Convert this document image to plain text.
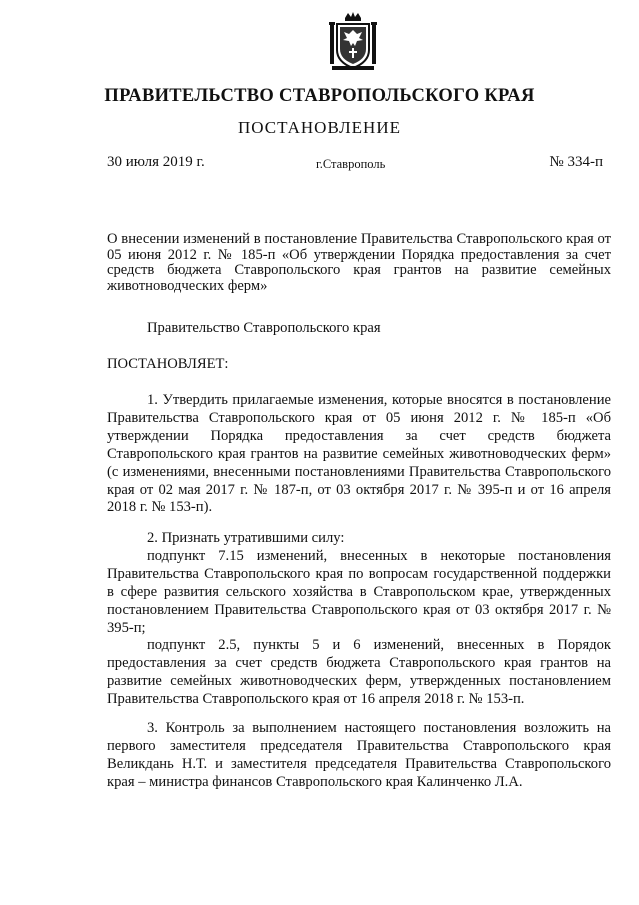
ПРАВИТЕЛЬСТВО СТАВРОПОЛЬСКОГО КРАЯ
ПОСТАНОВЛЕНИЕ
30 июля 2019 г.	г.Ставрополь	№ 334-п
О внесении изменений в постановление Правительства Ставропольского края от 05 июня 2012 г. № 185-п «Об утверждении Порядка предоставления за счет средств бюджета Ставропольского края грантов на развитие семейных животноводческих ферм»
Правительство Ставропольского края
ПОСТАНОВЛЯЕТ:

1. Утвердить прилагаемые изменения, которые вносятся в постановление Правительства Ставропольского края от 05 июня 2012 г. № 185-п «Об утверждении Порядка предоставления за счет средств бюджета Ставропольского края грантов на развитие семейных животноводческих ферм» (с изменениями, внесенными постановлениями Правительства Ставропольского края от 02 мая 2017 г. № 187-п, от 03 октября 2017 г. № 395-п и от 16 апреля 2018 г. № 153-п).

2. Признать утратившими силу:

подпункт 7.15 изменений, внесенных в некоторые постановления Правительства Ставропольского края по вопросам государственной поддержки в сфере развития сельского хозяйства в Ставропольском крае, утвержденных постановлением Правительства Ставропольского края от 03 октября 2017 г. № 395-п;

подпункт 2.5, пункты 5 и 6 изменений, внесенных в Порядок предоставления за счет средств бюджета Ставропольского края грантов на развитие семейных животноводческих ферм, утвержденных постановлением Правительства Ставропольского края от 16 апреля 2018 г. № 153-п.

3. Контроль за выполнением настоящего постановления возложить на первого заместителя председателя Правительства Ставропольского края Великдань Н.Т. и заместителя председателя Правительства Ставропольского края – министра финансов Ставропольского края Калинченко Л.А.
